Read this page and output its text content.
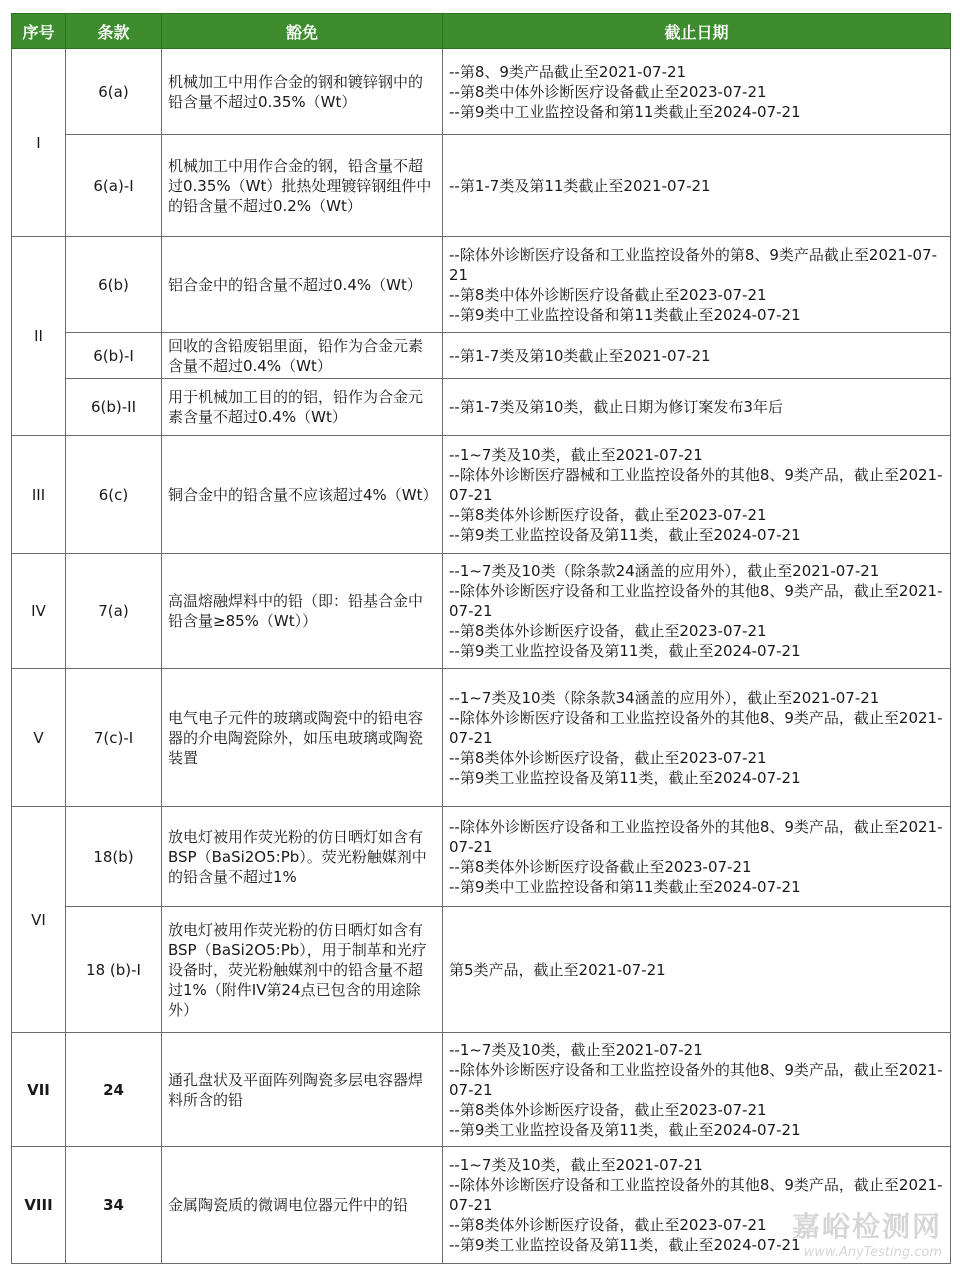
序号	条款	豁免	截止日期
I	6(a)	机械加工中用作合金的钢和镀锌钢中的铅含量不超过0.35%（Wt）	--第8、9类产品截止至2021-07-21
--第8类中体外诊断医疗设备截止至2023-07-21
--第9类中工业监控设备和第11类截止至2024-07-21

	6(a)-I	机械加工中用作合金的钢，铅含量不超过0.35%（Wt）批热处理镀锌钢组件中的铅含量不超过0.2%（Wt）	--第1-7类及第11类截止至2021-07-21

II	6(b)	铝合金中的铅含量不超过0.4%（Wt）	--除体外诊断医疗设备和工业监控设备外的第8、9类产品截止至2021-07-21
--第8类中体外诊断医疗设备截止至2023-07-21
--第9类中工业监控设备和第11类截止至2024-07-21

	6(b)-I	回收的含铅废铝里面，铅作为合金元素含量不超过0.4%（Wt）	--第1-7类及第10类截止至2021-07-21

	6(b)-II	用于机械加工目的的铝，铅作为合金元素含量不超过0.4%（Wt）	--第1-7类及第10类，截止日期为修订案发布3年后

III	6(c)	铜合金中的铅含量不应该超过4%（Wt）	--1~7类及10类，截止至2021-07-21
--除体外诊断医疗器械和工业监控设备外的其他8、9类产品，截止至2021-07-21
--第8类体外诊断医疗设备，截止至2023-07-21
--第9类工业监控设备及第11类，截止至2024-07-21

IV	7(a)	高温熔融焊料中的铅（即：铅基合金中铅含量≥85%（Wt））	--1~7类及10类（除条款24涵盖的应用外），截止至2021-07-21
--除体外诊断医疗设备和工业监控设备外的其他8、9类产品，截止至2021-07-21
--第8类体外诊断医疗设备，截止至2023-07-21
--第9类工业监控设备及第11类，截止至2024-07-21

V	7(c)-I	电气电子元件的玻璃或陶瓷中的铅电容器的介电陶瓷除外，如压电玻璃或陶瓷装置	--1~7类及10类（除条款34涵盖的应用外），截止至2021-07-21
--除体外诊断医疗设备和工业监控设备外的其他8、9类产品，截止至2021-07-21
--第8类体外诊断医疗设备，截止至2023-07-21
--第9类工业监控设备及第11类，截止至2024-07-21

VI	18(b)	放电灯被用作荧光粉的仿日晒灯如含有BSP（BaSi2O5:Pb）。荧光粉触媒剂中的铅含量不超过1%	--除体外诊断医疗设备和工业监控设备外的其他8、9类产品，截止至2021-07-21
--第8类体外诊断医疗设备截止至2023-07-21
--第9类中工业监控设备和第11类截止至2024-07-21

	18 (b)-I	放电灯被用作荧光粉的仿日晒灯如含有BSP（BaSi2O5:Pb），用于制革和光疗设备时，荧光粉触媒剂中的铅含量不超过1%（附件IV第24点已包含的用途除外）	第5类产品，截止至2021-07-21

VII	24	通孔盘状及平面阵列陶瓷多层电容器焊料所含的铅	--1~7类及10类，截止至2021-07-21
--除体外诊断医疗设备和工业监控设备外的其他8、9类产品，截止至2021-07-21
--第8类体外诊断医疗设备，截止至2023-07-21
--第9类工业监控设备及第11类，截止至2024-07-21

VIII	34	金属陶瓷质的微调电位器元件中的铅	--1~7类及10类，截止至2021-07-21
--除体外诊断医疗设备和工业监控设备外的其他8、9类产品，截止至2021-07-21
--第8类体外诊断医疗设备，截止至2023-07-21
--第9类工业监控设备及第11类，截止至2024-07-21
嘉峪检测网
www.AnyTesting.com
